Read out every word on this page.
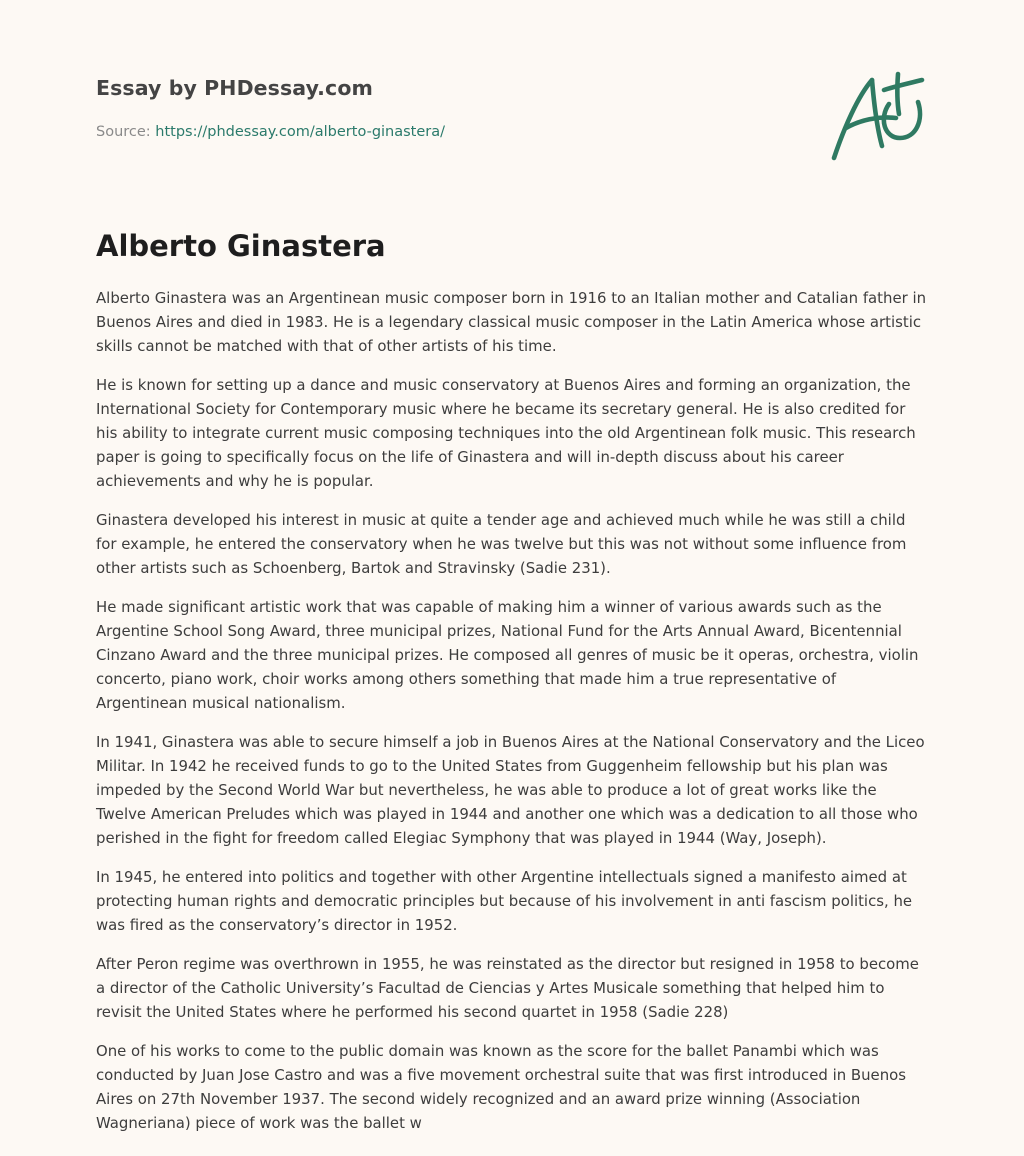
Essay by PHDessay.com

Source: https://phdessay.com/alberto-ginastera/

Alberto Ginastera

Alberto Ginastera was an Argentinean music composer born in 1916 to an Italian mother and Catalian father in Buenos Aires and died in 1983. He is a legendary classical music composer in the Latin America whose artistic skills cannot be matched with that of other artists of his time.

He is known for setting up a dance and music conservatory at Buenos Aires and forming an organization, the International Society for Contemporary music where he became its secretary general. He is also credited for his ability to integrate current music composing techniques into the old Argentinean folk music. This research paper is going to specifically focus on the life of Ginastera and will in-depth discuss about his career achievements and why he is popular.

Ginastera developed his interest in music at quite a tender age and achieved much while he was still a child for example, he entered the conservatory when he was twelve but this was not without some influence from other artists such as Schoenberg, Bartok and Stravinsky (Sadie 231).

He made significant artistic work that was capable of making him a winner of various awards such as the Argentine School Song Award, three municipal prizes, National Fund for the Arts Annual Award, Bicentennial Cinzano Award and the three municipal prizes. He composed all genres of music be it operas, orchestra, violin concerto, piano work, choir works among others something that made him a true representative of Argentinean musical nationalism.

In 1941, Ginastera was able to secure himself a job in Buenos Aires at the National Conservatory and the Liceo Militar. In 1942 he received funds to go to the United States from Guggenheim fellowship but his plan was impeded by the Second World War but nevertheless, he was able to produce a lot of great works like the Twelve American Preludes which was played in 1944 and another one which was a dedication to all those who perished in the fight for freedom called Elegiac Symphony that was played in 1944 (Way, Joseph).

In 1945, he entered into politics and together with other Argentine intellectuals signed a manifesto aimed at protecting human rights and democratic principles but because of his involvement in anti fascism politics, he was fired as the conservatory’s director in 1952.

After Peron regime was overthrown in 1955, he was reinstated as the director but resigned in 1958 to become a director of the Catholic University’s Facultad de Ciencias y Artes Musicale something that helped him to revisit the United States where he performed his second quartet in 1958 (Sadie 228)

One of his works to come to the public domain was known as the score for the ballet Panambi which was conducted by Juan Jose Castro and was a five movement orchestral suite that was first introduced in Buenos Aires on 27th November 1937. The second widely recognized and an award prize winning (Association Wagneriana) piece of work was the ballet w
